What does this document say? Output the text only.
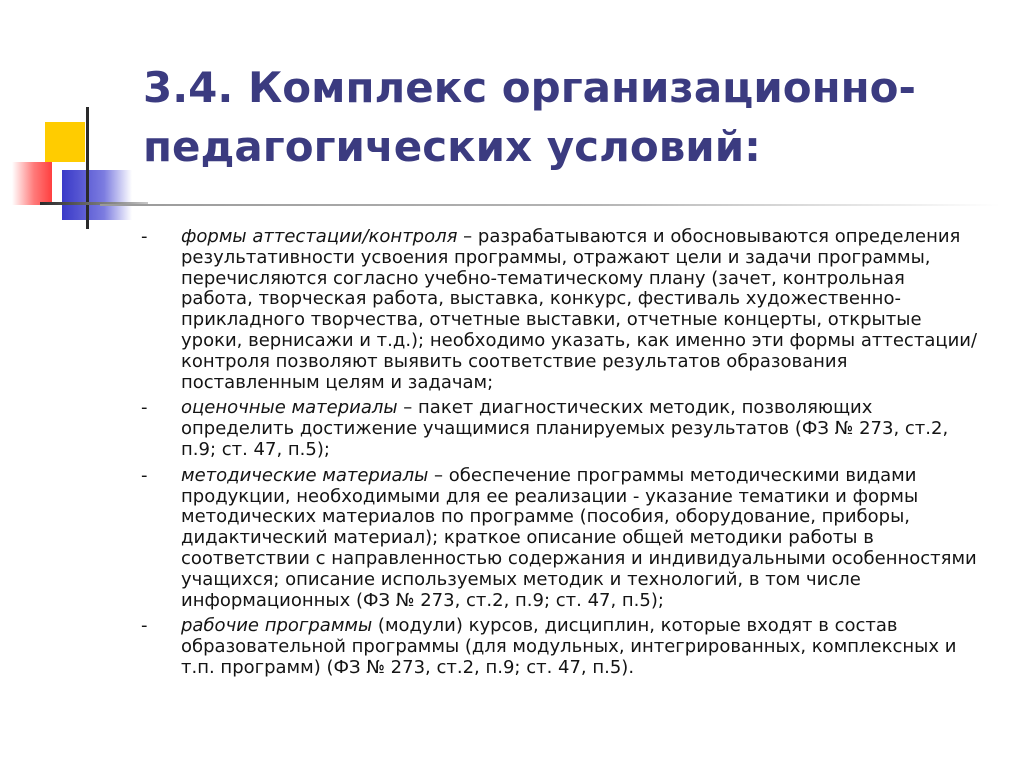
3.4. Комплекс организационно-педагогических условий:
- формы аттестации/контроля – разрабатываются и обосновываются определения результативности усвоения программы, отражают цели и задачи программы, перечисляются согласно учебно-тематическому плану (зачет, контрольная работа, творческая работа, выставка, конкурс, фестиваль художественно-прикладного творчества, отчетные выставки, отчетные концерты, открытые уроки, вернисажи и т.д.); необходимо указать, как именно эти формы аттестации/контроля позволяют выявить соответствие результатов образования поставленным целям и задачам;
- оценочные материалы – пакет диагностических методик, позволяющих определить достижение учащимися планируемых результатов (ФЗ № 273, ст.2, п.9; ст. 47, п.5);
- методические материалы – обеспечение программы методическими видами продукции, необходимыми для ее реализации - указание тематики и формы методических материалов по программе (пособия, оборудование, приборы, дидактический материал); краткое описание общей методики работы в соответствии с направленностью содержания и индивидуальными особенностями учащихся; описание используемых методик и технологий, в том числе информационных (ФЗ № 273, ст.2, п.9; ст. 47, п.5);
- рабочие программы (модули) курсов, дисциплин, которые входят в состав образовательной программы (для модульных, интегрированных, комплексных и т.п. программ) (ФЗ № 273, ст.2, п.9; ст. 47, п.5).
